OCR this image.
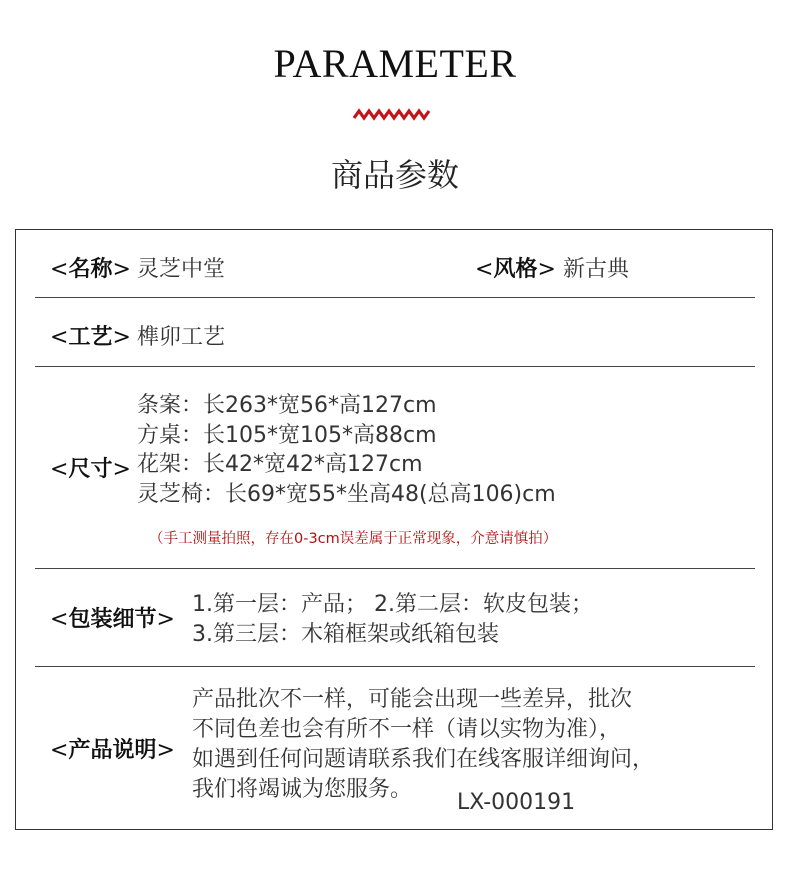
PARAMETER
商品参数
<名称> 灵芝中堂	<风格> 新古典
<工艺> 榫卯工艺
<尺寸>
条案：长263*宽56*高127cm
方桌：长105*宽105*高88cm
花架：长42*宽42*高127cm
灵芝椅：长69*宽55*坐高48(总高106)cm
（手工测量拍照，存在0-3cm误差属于正常现象，介意请慎拍）
<包装细节>
1.第一层：产品； 2.第二层：软皮包装；
3.第三层：木箱框架或纸箱包装
<产品说明>
产品批次不一样，可能会出现一些差异，批次
不同色差也会有所不一样（请以实物为准），
如遇到任何问题请联系我们在线客服详细询问，
我们将竭诚为您服务。
LX-000191
